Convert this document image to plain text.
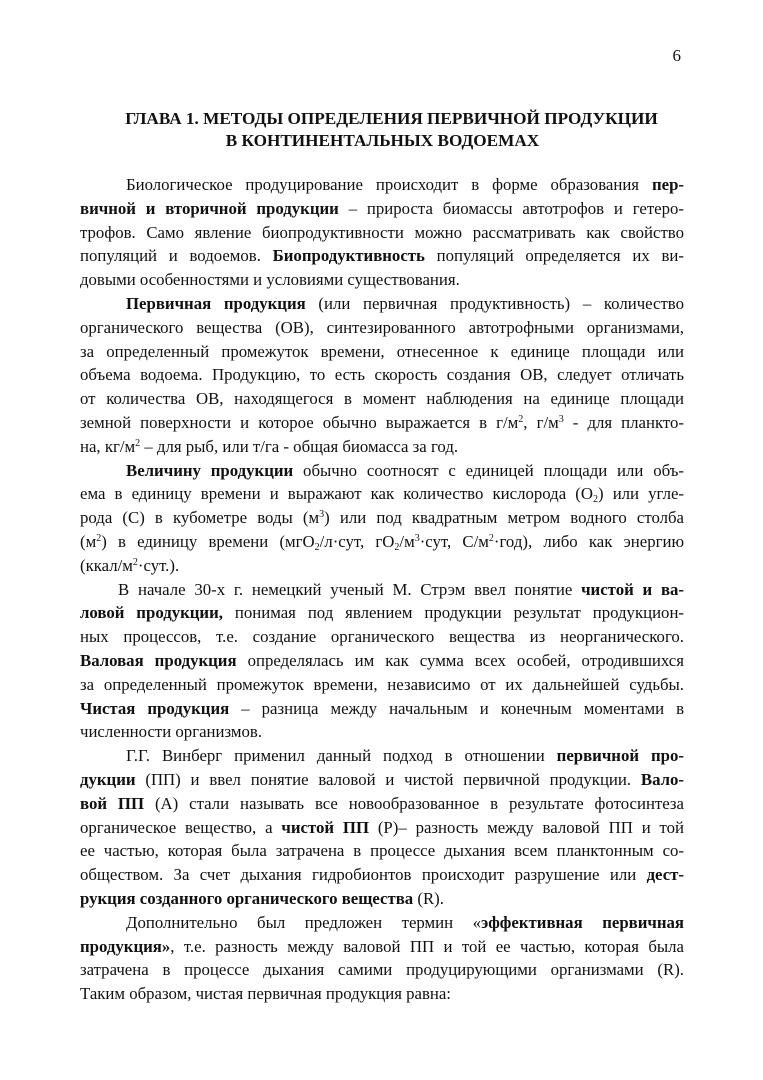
6
ГЛАВА 1. МЕТОДЫ ОПРЕДЕЛЕНИЯ ПЕРВИЧНОЙ ПРОДУКЦИИ
В КОНТИНЕНТАЛЬНЫХ ВОДОЕМАХ
Биологическое продуцирование происходит в форме образования пер-
вичной и вторичной продукции – прироста биомассы автотрофов и гетеро-
трофов. Само явление биопродуктивности можно рассматривать как свойство
популяций и водоемов. Биопродуктивность популяций определяется их ви-
довыми особенностями и условиями существования.
Первичная продукция (или первичная продуктивность) – количество
органического вещества (ОВ), синтезированного автотрофными организмами,
за определенный промежуток времени, отнесенное к единице площади или
объема водоема. Продукцию, то есть скорость создания ОВ, следует отличать
от количества ОВ, находящегося в момент наблюдения на единице площади
земной поверхности и которое обычно выражается в $г/м^2$, $г/м^3$ - для планкто-
на, $кг/м^2$ – для рыб, или т/га - общая биомасса за год.
Величину продукции обычно соотносят с единицей площади или объ-
ема в единицу времени и выражают как количество кислорода $(O_2)$ или угле-
рода (С) в кубометре воды $(м^3)$ или под квадратным метром водного столба
$(м^2)$ в единицу времени (мгО$_2$/л·сут, $гО_2/м^3\cdot сут$, $С/м^2\cdot год$), либо как энергию
$(ккал/м^2\cdot сут.)$.
В начале 30-х г. немецкий ученый М. Стрэм ввел понятие чистой и ва-
ловой продукции, понимая под явлением продукции результат продукцион-
ных процессов, т.е. создание органического вещества из неорганического.
Валовая продукция определялась им как сумма всех особей, отродившихся
за определенный промежуток времени, независимо от их дальнейшей судьбы.
Чистая продукция – разница между начальным и конечным моментами в
численности организмов.
Г.Г. Винберг применил данный подход в отношении первичной про-
дукции (ПП) и ввел понятие валовой и чистой первичной продукции. Вало-
вой ПП (А) стали называть все новообразованное в результате фотосинтеза
органическое вещество, а чистой ПП (Р)– разность между валовой ПП и той
ее частью, которая была затрачена в процессе дыхания всем планктонным со-
обществом. За счет дыхания гидробионтов происходит разрушение или дест-
рукция созданного органического вещества (R).
Дополнительно был предложен термин «эффективная первичная
продукция», т.е. разность между валовой ПП и той ее частью, которая была
затрачена в процессе дыхания самими продуцирующими организмами (R).
Таким образом, чистая первичная продукция равна:
